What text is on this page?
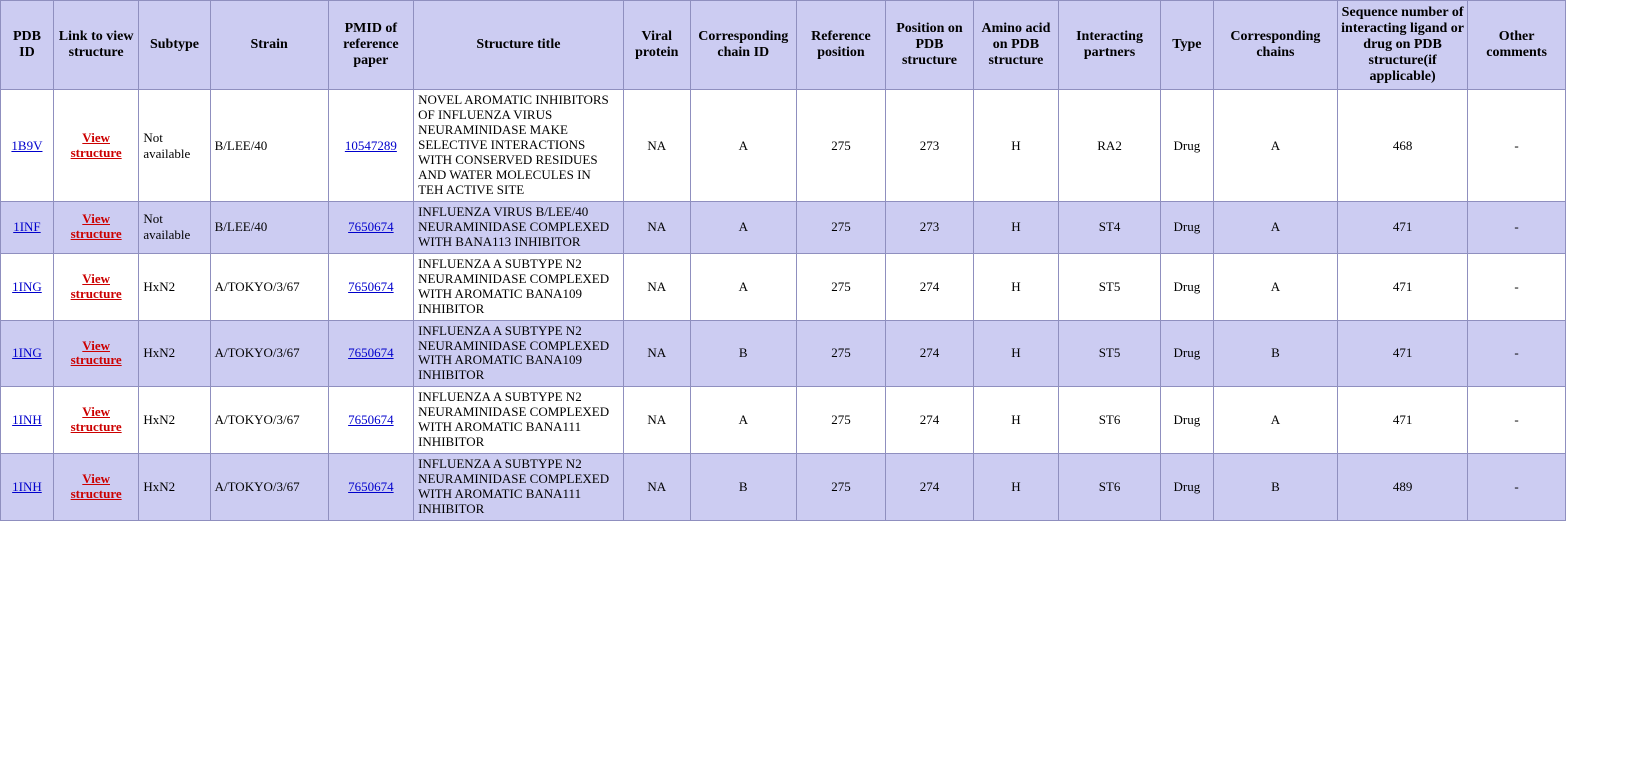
PDB ID	Link to view structure	Subtype	Strain	PMID of reference paper	Structure title	Viral protein	Corresponding chain ID	Reference position	Position on PDB structure	Amino acid on PDB structure	Interacting partners	Type	Corresponding chains	Sequence number of interacting ligand or drug on PDB structure(if applicable)	Other comments
1B9V	View structure	Not available	B/LEE/40	10547289	NOVEL AROMATIC INHIBITORS OF INFLUENZA VIRUS NEURAMINIDASE MAKE SELECTIVE INTERACTIONS WITH CONSERVED RESIDUES AND WATER MOLECULES IN TEH ACTIVE SITE	NA	A	275	273	H	RA2	Drug	A	468	-
1INF	View structure	Not available	B/LEE/40	7650674	INFLUENZA VIRUS B/LEE/40 NEURAMINIDASE COMPLEXED WITH BANA113 INHIBITOR	NA	A	275	273	H	ST4	Drug	A	471	-
1ING	View structure	HxN2	A/TOKYO/3/67	7650674	INFLUENZA A SUBTYPE N2 NEURAMINIDASE COMPLEXED WITH AROMATIC BANA109 INHIBITOR	NA	A	275	274	H	ST5	Drug	A	471	-
1ING	View structure	HxN2	A/TOKYO/3/67	7650674	INFLUENZA A SUBTYPE N2 NEURAMINIDASE COMPLEXED WITH AROMATIC BANA109 INHIBITOR	NA	B	275	274	H	ST5	Drug	B	471	-
1INH	View structure	HxN2	A/TOKYO/3/67	7650674	INFLUENZA A SUBTYPE N2 NEURAMINIDASE COMPLEXED WITH AROMATIC BANA111 INHIBITOR	NA	A	275	274	H	ST6	Drug	A	471	-
1INH	View structure	HxN2	A/TOKYO/3/67	7650674	INFLUENZA A SUBTYPE N2 NEURAMINIDASE COMPLEXED WITH AROMATIC BANA111 INHIBITOR	NA	B	275	274	H	ST6	Drug	B	489	-
